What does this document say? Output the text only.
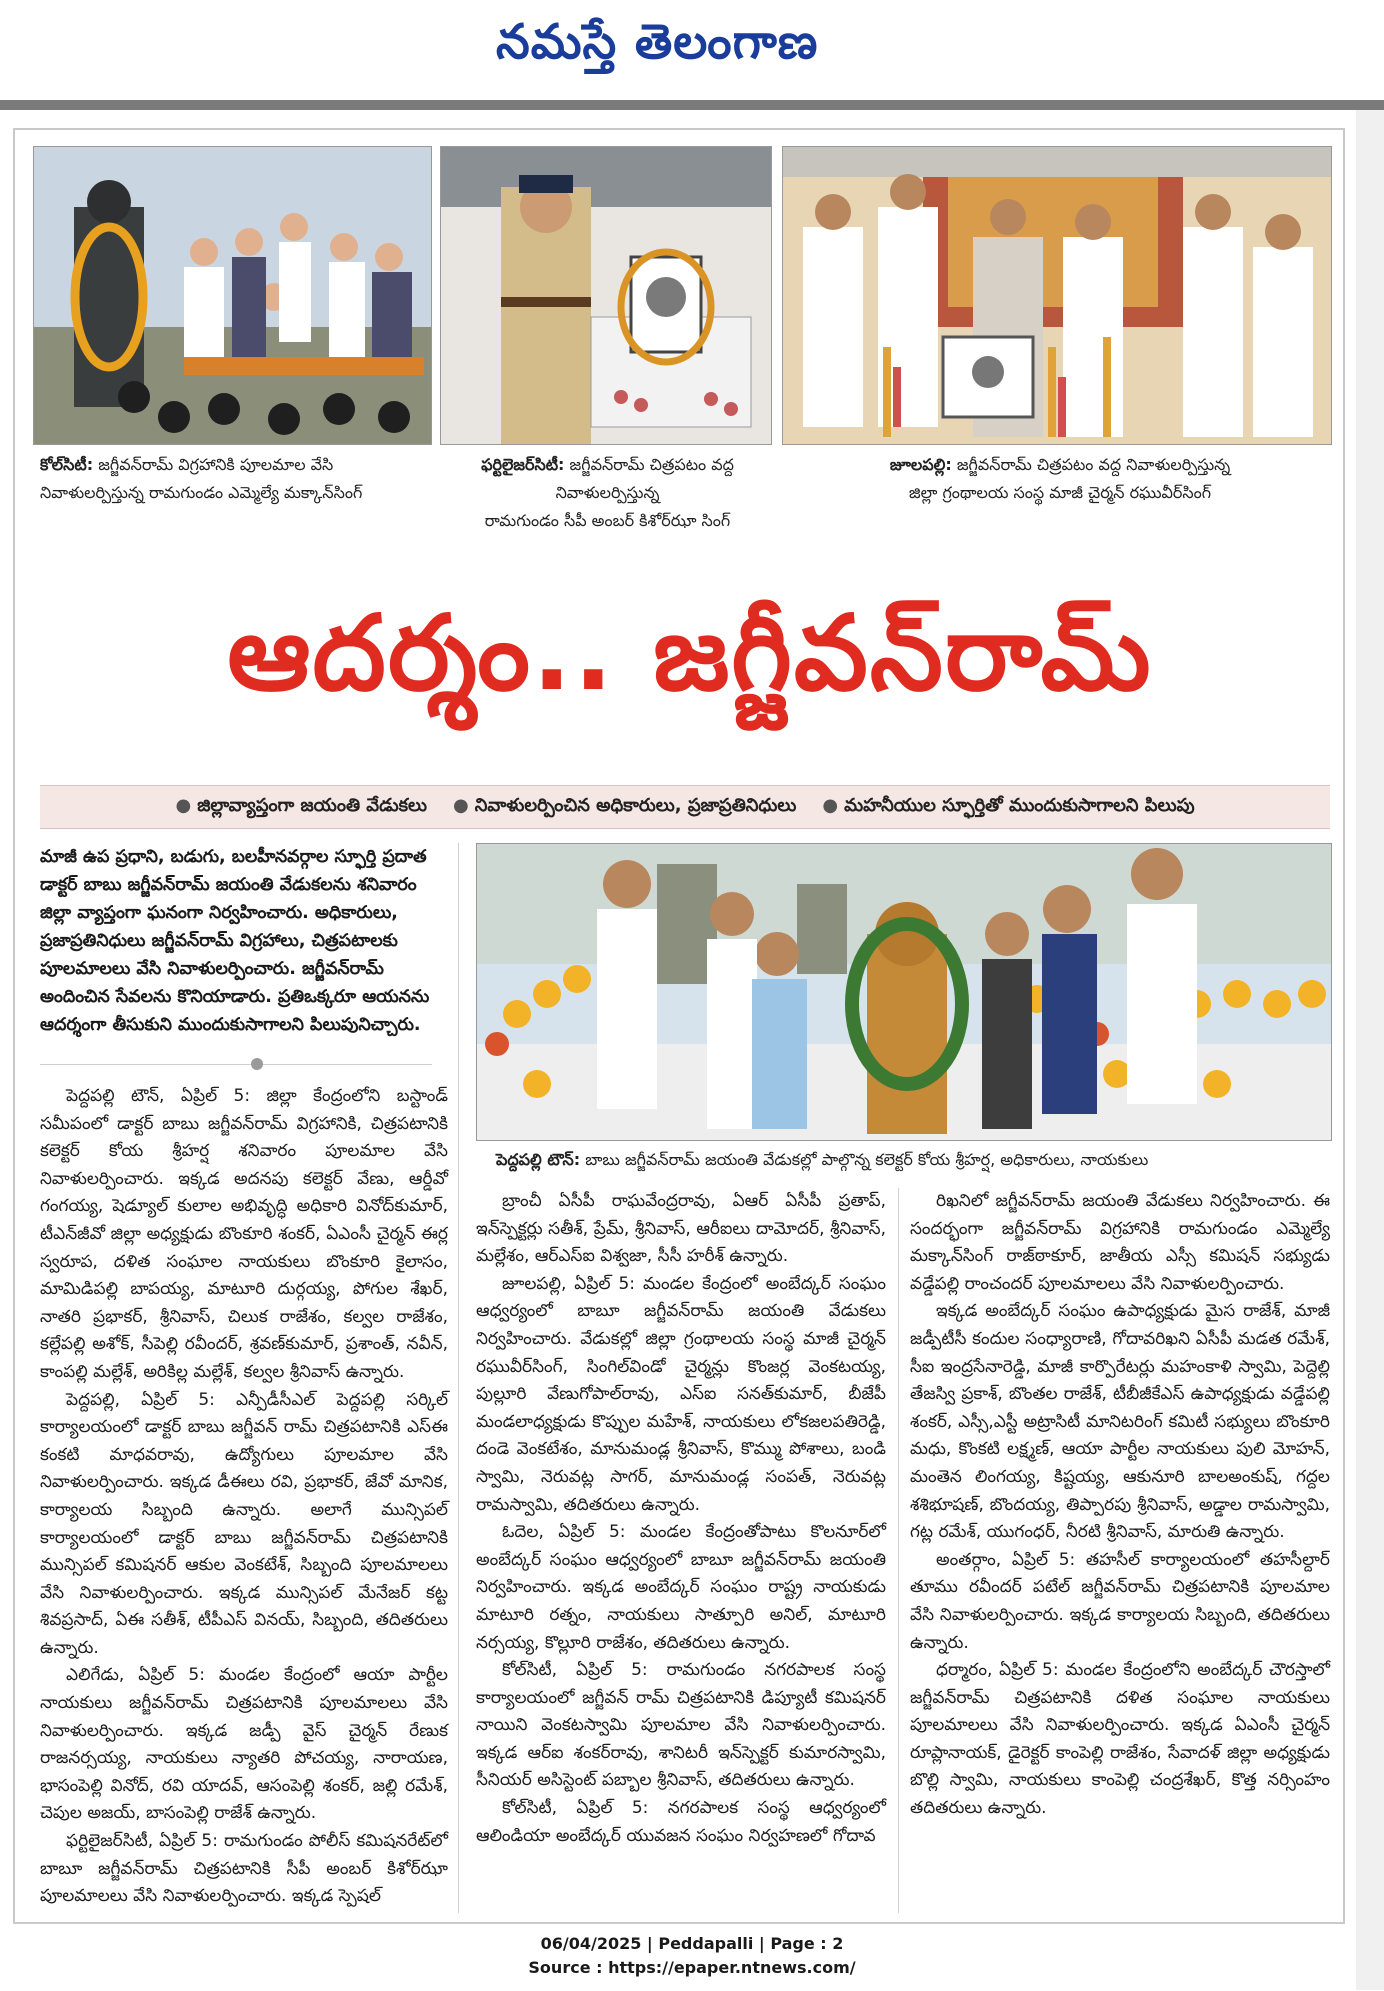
నమస్తే తెలంగాణ
కోల్‌సిటీ: జగ్జీవన్‌రామ్ విగ్రహానికి పూలమాల వేసి
నివాళులర్పిస్తున్న రామగుండం ఎమ్మెల్యే మక్కాన్‌సింగ్
ఫర్టిలైజర్‌సిటీ: జగ్జీవన్‌రామ్ చిత్రపటం వద్ద నివాళులర్పిస్తున్న
రామగుండం సీపీ అంబర్ కిశోర్‌ఝా సింగ్
జూలపల్లి: జగ్జీవన్‌రామ్ చిత్రపటం వద్ద నివాళులర్పిస్తున్న
జిల్లా గ్రంథాలయ సంస్థ మాజీ చైర్మన్ రఘువీర్‌సింగ్
ఆదర్శం.. జగ్జీవన్‌రామ్
● జిల్లావ్యాప్తంగా జయంతి వేడుకలు ● నివాళులర్పించిన అధికారులు, ప్రజాప్రతినిధులు ● మహనీయుల స్ఫూర్తితో ముందుకుసాగాలని పిలుపు
మాజీ ఉప ప్రధాని, బడుగు, బలహీనవర్గాల స్ఫూర్తి ప్రదాత డాక్టర్ బాబు జగ్జీవన్‌రామ్ జయంతి వేడుకలను శనివారం జిల్లా వ్యాప్తంగా ఘనంగా నిర్వహించారు. అధికారులు, ప్రజాప్రతినిధులు జగ్జీవన్‌రామ్ విగ్రహాలు, చిత్రపటాలకు పూలమాలలు వేసి నివాళులర్పించారు. జగ్జీవన్‌రామ్ అందించిన సేవలను కొనియాడారు. ప్రతిఒక్కరూ ఆయనను ఆదర్శంగా తీసుకుని ముందుకుసాగాలని పిలుపునిచ్చారు.
పెద్దపల్లి టౌన్: బాబు జగ్జీవన్‌రామ్ జయంతి వేడుకల్లో పాల్గొన్న కలెక్టర్ కోయ శ్రీహర్ష, అధికారులు, నాయకులు

పెద్దపల్లి టౌన్, ఏప్రిల్ 5: జిల్లా కేంద్రంలోని బస్టాండ్ సమీపంలో డాక్టర్ బాబు జగ్జీవన్‌రామ్ విగ్రహానికి, చిత్రపటానికి కలెక్టర్ కోయ శ్రీహర్ష శనివారం పూలమాల వేసి నివాళులర్పించారు. ఇక్కడ అదనపు కలెక్టర్ వేణు, ఆర్డీవో గంగయ్య, షెడ్యూల్ కులాల అభివృద్ధి అధికారి వినోద్‌కుమార్, టీఎన్‌జీవో జిల్లా అధ్యక్షుడు బొంకూరి శంకర్, ఏఎంసీ చైర్మన్ ఈర్ల స్వరూప, దళిత సంఘాల నాయకులు బొంకూరి కైలాసం, మామిడిపల్లి బాపయ్య, మాటూరి దుర్గయ్య, పోగుల శేఖర్, నాతరి ప్రభాకర్, శ్రీనివాస్, చిలుక రాజేశం, కల్వల రాజేశం, కల్లేపల్లి అశోక్, సీపెల్లి రవీందర్, శ్రవణ్‌కుమార్, ప్రశాంత్, నవీన్, కాంపల్లి మల్లేశ్, అరికిల్ల మల్లేశ్, కల్వల శ్రీనివాస్ ఉన్నారు.

పెద్దపల్లి, ఏప్రిల్ 5: ఎన్పీడీసీఎల్ పెద్దపల్లి సర్కిల్ కార్యాలయంలో డాక్టర్ బాబు జగ్జీవన్ రామ్ చిత్రపటానికి ఎస్‌ఈ కంకటి మాధవరావు, ఉద్యోగులు పూలమాల వేసి నివాళులర్పించారు. ఇక్కడ డీఈలు రవి, ప్రభాకర్, జేవో మానిక, కార్యాలయ సిబ్బంది ఉన్నారు. అలాగే మున్సిపల్ కార్యాలయంలో డాక్టర్ బాబు జగ్జీవన్‌రామ్ చిత్రపటానికి మున్సిపల్ కమిషనర్ ఆకుల వెంకటేశ్, సిబ్బంది పూలమాలలు వేసి నివాళులర్పించారు. ఇక్కడ మున్సిపల్ మేనేజర్ కట్ట శివప్రసాద్, ఏఈ సతీశ్, టీపీఎస్ వినయ్, సిబ్బంది, తదితరులు ఉన్నారు.

ఎలిగేడు, ఏప్రిల్ 5: మండల కేంద్రంలో ఆయా పార్టీల నాయకులు జగ్జీవన్‌రామ్ చిత్రపటానికి పూలమాలలు వేసి నివాళులర్పించారు. ఇక్కడ జడ్పీ వైస్ చైర్మన్ రేణుక రాజనర్సయ్య, నాయకులు న్యాతరి పోచయ్య, నారాయణ, భాసంపెల్లి వినోద్, రవి యాదవ్, ఆసంపెల్లి శంకర్, జల్లి రమేశ్, చెపుల అజయ్, బాసంపెల్లి రాజేశ్ ఉన్నారు.

ఫర్టిలైజర్‌సిటీ, ఏప్రిల్ 5: రామగుండం పోలీస్ కమిషనరేట్‌లో బాబూ జగ్జీవన్‌రామ్ చిత్రపటానికి సీపీ అంబర్ కిశోర్‌ఝా పూలమాలలు వేసి నివాళులర్పించారు. ఇక్కడ స్పెషల్

బ్రాంచీ ఏసీపీ రాఘవేంద్రరావు, ఏఆర్ ఏసీపీ ప్రతాప్, ఇన్‌స్పెక్టర్లు సతీశ్, ప్రేమ్, శ్రీనివాస్, ఆరీఐలు దామోదర్, శ్రీనివాస్, మల్లేశం, ఆర్‌ఎస్‌ఐ విశ్వజా, సీసీ హరీశ్ ఉన్నారు.

జూలపల్లి, ఏప్రిల్ 5: మండల కేంద్రంలో అంబేద్కర్ సంఘం ఆధ్వర్యంలో బాబూ జగ్జీవన్‌రామ్ జయంతి వేడుకలు నిర్వహించారు. వేడుకల్లో జిల్లా గ్రంథాలయ సంస్థ మాజీ చైర్మన్ రఘువీర్‌సింగ్, సింగిల్‌విండో చైర్మన్లు కొంజర్ల వెంకటయ్య, పుల్లూరి వేణుగోపాల్‌రావు, ఎస్‌ఐ సనత్‌కుమార్, బీజేపీ మండలాధ్యక్షుడు కొప్పుల మహేశ్, నాయకులు లోకజలపతిరెడ్డి, దండె వెంకటేశం, మానుమండ్ల శ్రీనివాస్, కొమ్ము పోశాలు, బండి స్వామి, నెరువట్ల సాగర్, మానుమండ్ల సంపత్, నెరువట్ల రామస్వామి, తదితరులు ఉన్నారు.

ఓదెల, ఏప్రిల్ 5: మండల కేంద్రంతోపాటు కొలనూర్‌లో అంబేద్కర్ సంఘం ఆధ్వర్యంలో బాబూ జగ్జీవన్‌రామ్ జయంతి నిర్వహించారు. ఇక్కడ అంబేద్కర్ సంఘం రాష్ట్ర నాయకుడు మాటూరి రత్నం, నాయకులు సాత్పూరి అనిల్, మాటూరి నర్సయ్య, కొల్లూరి రాజేశం, తదితరులు ఉన్నారు.

కోల్‌సిటీ, ఏప్రిల్ 5: రామగుండం నగరపాలక సంస్థ కార్యాలయంలో జగ్జీవన్ రామ్ చిత్రపటానికి డిప్యూటీ కమిషనర్ నాయిని వెంకటస్వామి పూలమాల వేసి నివాళులర్పించారు. ఇక్కడ ఆర్‌ఐ శంకర్‌రావు, శానిటరీ ఇన్‌స్పెక్టర్ కుమారస్వామి, సీనియర్ అసిస్టెంట్ పబ్బాల శ్రీనివాస్, తదితరులు ఉన్నారు.

కోల్‌సిటీ, ఏప్రిల్ 5: నగరపాలక సంస్థ ఆధ్వర్యంలో ఆలిండియా అంబేద్కర్ యువజన సంఘం నిర్వహణలో గోదావ

రిఖనిలో జగ్జీవన్‌రామ్ జయంతి వేడుకలు నిర్వహించారు. ఈ సందర్భంగా జగ్జీవన్‌రామ్ విగ్రహానికి రామగుండం ఎమ్మెల్యే మక్కాన్‌సింగ్ రాజ్‌ఠాకూర్, జాతీయ ఎస్సీ కమిషన్ సభ్యుడు వడ్డేపల్లి రాంచందర్ పూలమాలలు వేసి నివాళులర్పించారు.

ఇక్కడ అంబేద్కర్ సంఘం ఉపాధ్యక్షుడు మైస రాజేశ్, మాజీ జడ్పీటీసీ కందుల సంధ్యారాణి, గోదావరిఖని ఏసీపీ మడత రమేశ్, సీఐ ఇంద్రసేనారెడ్డి, మాజీ కార్పొరేటర్లు మహంకాళి స్వామి, పెద్దెల్లి తేజస్వి ప్రకాశ్, బొంతల రాజేశ్, టీబీజీకేఎస్ ఉపాధ్యక్షుడు వడ్డేపల్లి శంకర్, ఎస్సీ,ఎస్టీ అట్రాసిటీ మానిటరింగ్ కమిటీ సభ్యులు బొంకూరి మధు, కొంకటి లక్ష్మణ్, ఆయా పార్టీల నాయకులు పులి మోహన్, మంతెన లింగయ్య, కిష్టయ్య, ఆకునూరి బాలఅంకుష్, గద్దల శశిభూషణ్, బొందయ్య, తిప్పారపు శ్రీనివాస్, అడ్డాల రామస్వామి, గట్ల రమేశ్, యుగంధర్, నీరటి శ్రీనివాస్, మారుతి ఉన్నారు.

అంతర్గాం, ఏప్రిల్ 5: తహసీల్ కార్యాలయంలో తహసీల్దార్ తూము రవీందర్ పటేల్ జగ్జీవన్‌రామ్ చిత్రపటానికి పూలమాల వేసి నివాళులర్పించారు. ఇక్కడ కార్యాలయ సిబ్బంది, తదితరులు ఉన్నారు.

ధర్మారం, ఏప్రిల్ 5: మండల కేంద్రంలోని అంబేద్కర్ చౌరస్తాలో జగ్జీవన్‌రామ్ చిత్రపటానికి దళిత సంఘాల నాయకులు పూలమాలలు వేసి నివాళులర్పించారు. ఇక్కడ ఏఎంసీ చైర్మన్ రూప్లానాయక్, డైరెక్టర్ కాంపెల్లి రాజేశం, సేవాదళ్ జిల్లా అధ్యక్షుడు బొల్లి స్వామి, నాయకులు కాంపెల్లి చంద్రశేఖర్, కొత్త నర్సింహం తదితరులు ఉన్నారు.

06/04/2025 | Peddapalli | Page : 2
Source : https://epaper.ntnews.com/
